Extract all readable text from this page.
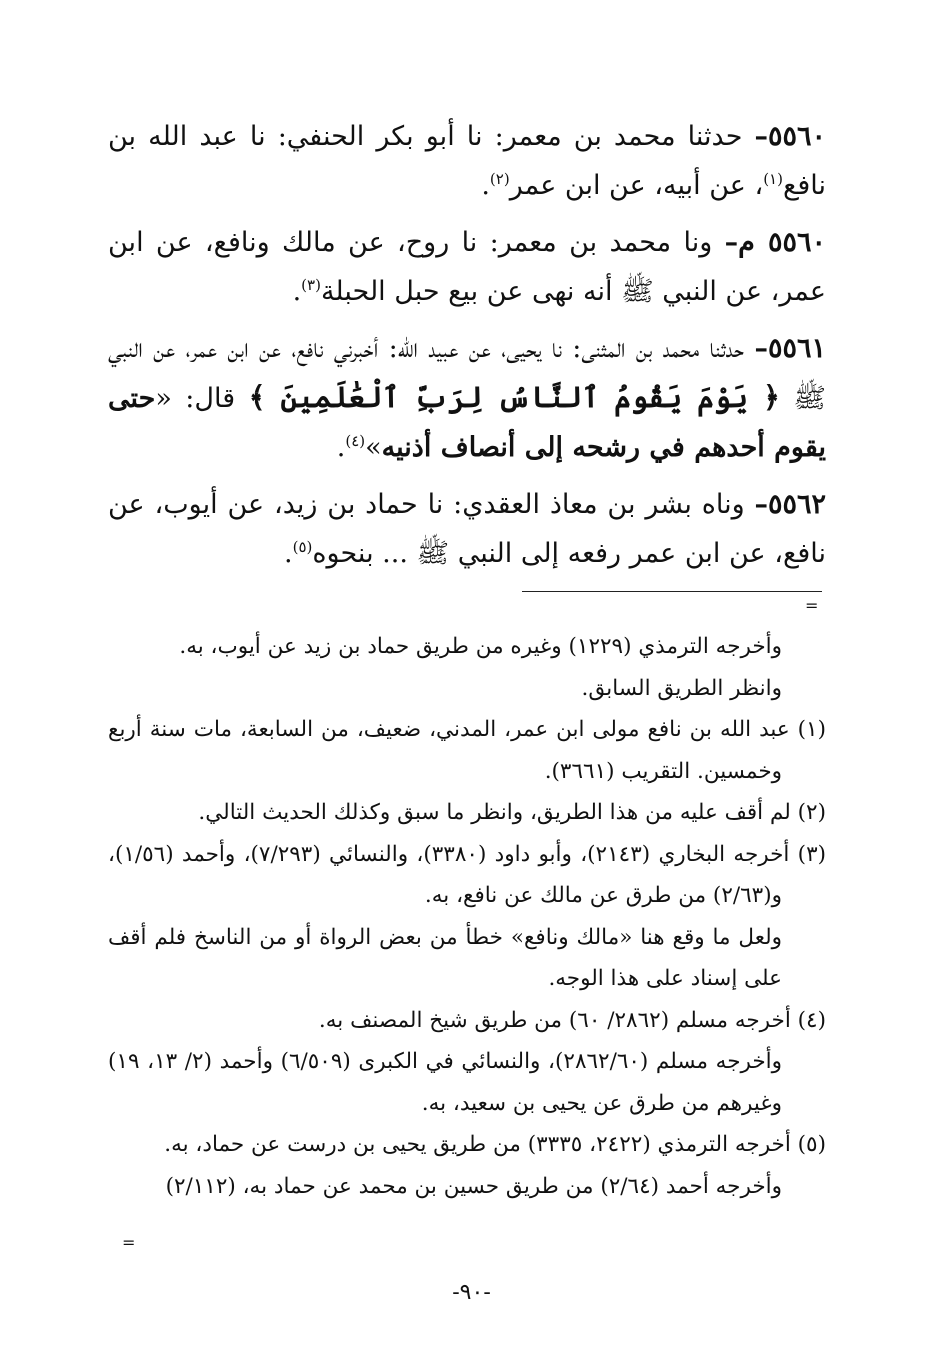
٥٥٦٠– حدثنا محمد بن معمر: نا أبو بكر الحنفي: نا عبد الله بن نافع$^{(١)}$، عن أبيه، عن ابن عمر$^{(٢)}$.

٥٥٦٠ م– ونا محمد بن معمر: نا روح، عن مالك ونافع، عن ابن عمر، عن النبي ﷺ أنه نهى عن بيع حبل الحبلة$^{(٣)}$.

٥٥٦١– حدثنا محمد بن المثنى: نا يحيى، عن عبيد الله: أخبرني نافع، عن ابن عمر، عن النبي ﷺ ﴿ يَوْمَ يَقُومُ ٱلنَّاسُ لِرَبِّ ٱلْعَٰلَمِينَ ﴾ قال: «حتى يقوم أحدهم في رشحه إلى أنصاف أذنيه»$^{(٤)}$.

٥٥٦٢– وناه بشر بن معاذ العقدي: نا حماد بن زيد، عن أيوب، عن نافع، عن ابن عمر رفعه إلى النبي ﷺ ... بنحوه$^{(٥)}$.

=

وأخرجه الترمذي (١٢٢٩) وغيره من طريق حماد بن زيد عن أيوب، به.

وانظر الطريق السابق.

(١) عبد الله بن نافع مولى ابن عمر، المدني، ضعيف، من السابعة، مات سنة أربع وخمسين. التقريب (٣٦٦١).

(٢) لم أقف عليه من هذا الطريق، وانظر ما سبق وكذلك الحديث التالي.

(٣) أخرجه البخاري (٢١٤٣)، وأبو داود (٣٣٨٠)، والنسائي (٧/٢٩٣)، وأحمد (١/٥٦)، و(٢/٦٣) من طرق عن مالك عن نافع، به.

ولعل ما وقع هنا «مالك ونافع» خطأ من بعض الرواة أو من الناسخ فلم أقف على إسناد على هذا الوجه.

(٤) أخرجه مسلم (٢٨٦٢/ ٦٠) من طريق شيخ المصنف به.

وأخرجه مسلم (٢٨٦٢/٦٠)، والنسائي في الكبرى (٦/٥٠٩) وأحمد (٢/ ١٣، ١٩) وغيرهم من طرق عن يحيى بن سعيد، به.

(٥) أخرجه الترمذي (٢٤٢٢، ٣٣٣٥) من طريق يحيى بن درست عن حماد، به.

وأخرجه أحمد (٢/٦٤) من طريق حسين بن محمد عن حماد به، (٢/١١٢)

=
-٩٠-
